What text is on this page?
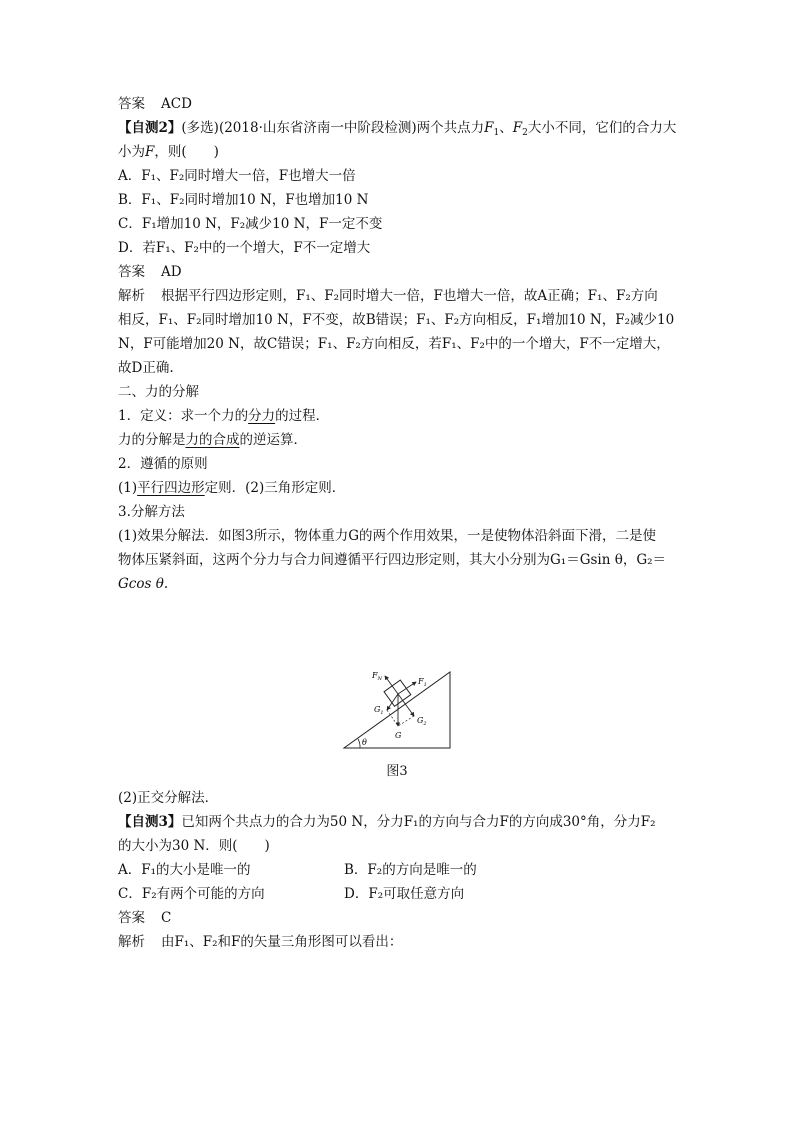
答案 ACD
【自测2】(多选)(2018·山东省济南一中阶段检测)两个共点力$F_1$、$F_2$大小不同，它们的合力大
小为F，则(　　)
A．F₁、F₂同时增大一倍，F也增大一倍
B．F₁、F₂同时增加10 N，F也增加10 N
C．F₁增加10 N，F₂减少10 N，F一定不变
D．若F₁、F₂中的一个增大，F不一定增大
答案 AD
解析 根据平行四边形定则，F₁、F₂同时增大一倍，F也增大一倍，故A正确；F₁、F₂方向
相反，F₁、F₂同时增加10 N，F不变，故B错误；F₁、F₂方向相反，F₁增加10 N，F₂减少10
N，F可能增加20 N，故C错误；F₁、F₂方向相反，若F₁、F₂中的一个增大，F不一定增大，
故D正确.
二、力的分解
1．定义：求一个力的分力的过程．
力的分解是力的合成的逆运算．
2．遵循的原则
(1)平行四边形定则．(2)三角形定则．
3.分解方法
(1)效果分解法．如图3所示，物体重力G的两个作用效果，一是使物体沿斜面下滑，二是使
物体压紧斜面，这两个分力与合力间遵循平行四边形定则，其大小分别为G₁＝Gsin θ，G₂＝
Gcos θ.
θ
$F_N$	$F_1$
$G_1$
$G_2$
G
图3
(2)正交分解法．
【自测3】已知两个共点力的合力为50 N，分力F₁的方向与合力F的方向成30°角，分力F₂
的大小为30 N．则(　　)
A．F₁的大小是唯一的	B．F₂的方向是唯一的
C．F₂有两个可能的方向	D．F₂可取任意方向
答案 C
解析 由F₁、F₂和F的矢量三角形图可以看出：
